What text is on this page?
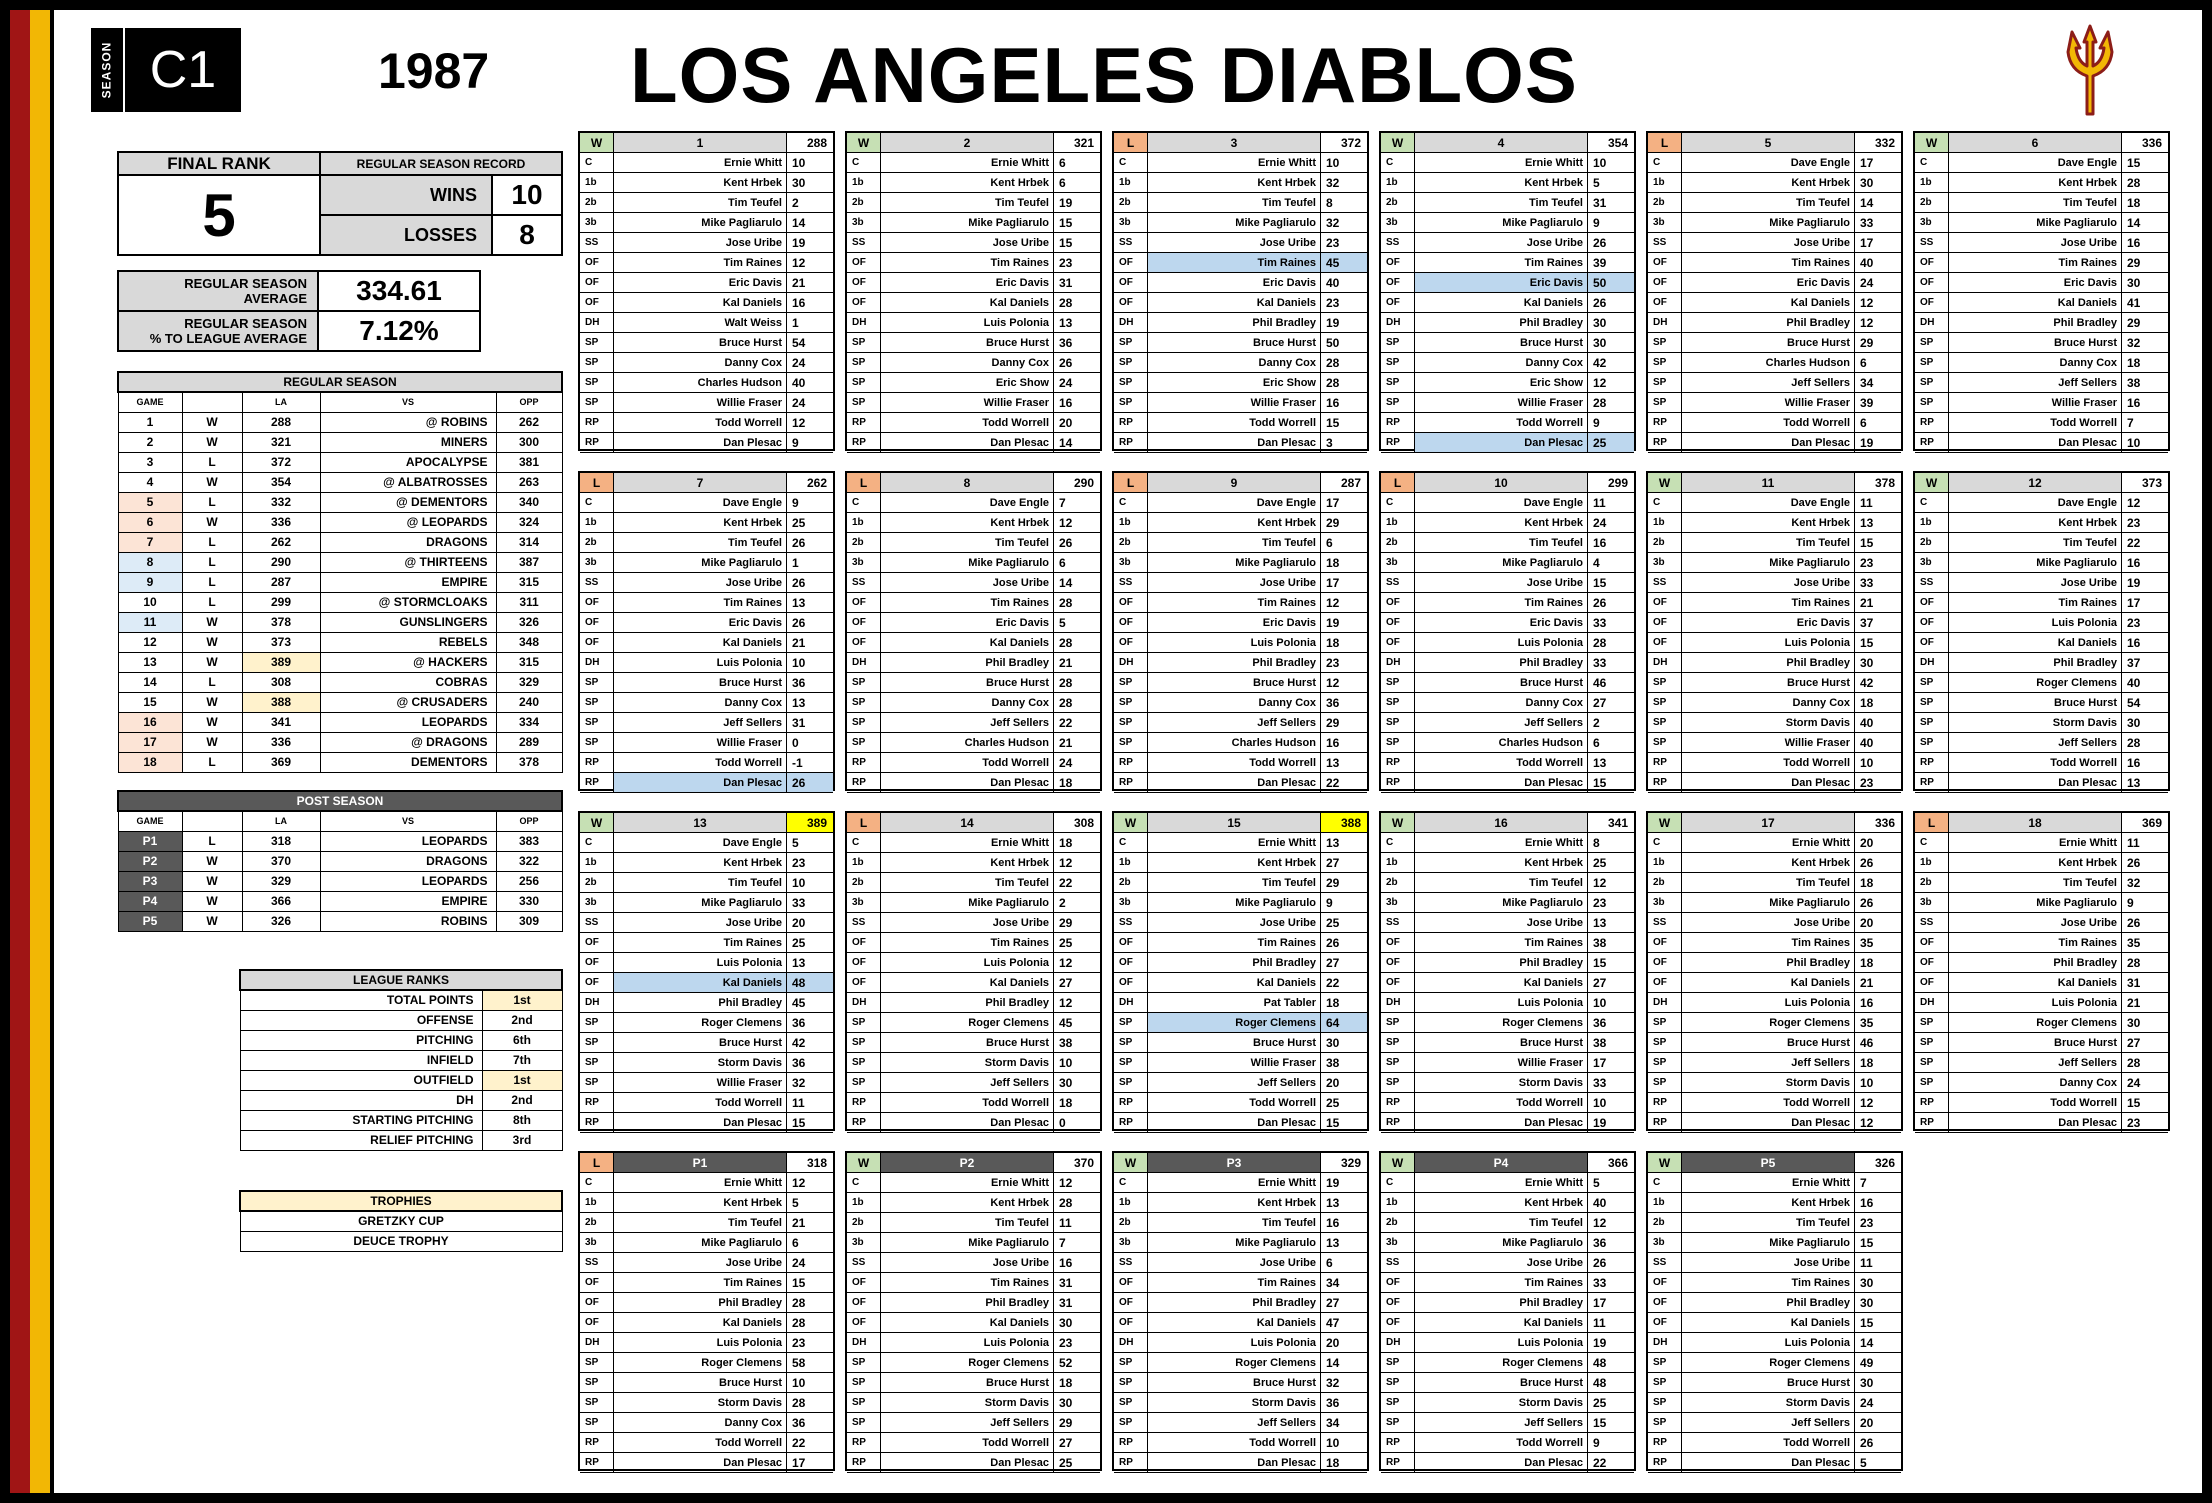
SEASON C1	1987 LOS ANGELES DIABLOS
FINAL RANK	REGULAR SEASON RECORD	
5	WINS	10
	LOSSES	8
REGULAR SEASON
AVERAGE	334.61
REGULAR SEASON
% TO LEAGUE AVERAGE	7.12%
REGULAR SEASON				
GAME		LA	VS	OPP
1	W	288	@ ROBINS	262
2	W	321	MINERS	300
3	L	372	APOCALYPSE	381
4	W	354	@ ALBATROSSES	263
5	L	332	@ DEMENTORS	340
6	W	336	@ LEOPARDS	324
7	L	262	DRAGONS	314
8	L	290	@ THIRTEENS	387
9	L	287	EMPIRE	315
10	L	299	@ STORMCLOAKS	311
11	W	378	GUNSLINGERS	326
12	W	373	REBELS	348
13	W	389	@ HACKERS	315
14	L	308	COBRAS	329
15	W	388	@ CRUSADERS	240
16	W	341	LEOPARDS	334
17	W	336	@ DRAGONS	289
18	L	369	DEMENTORS	378
POST SEASON				
GAME		LA	VS	OPP
P1	L	318	LEOPARDS	383
P2	W	370	DRAGONS	322
P3	W	329	LEOPARDS	256
P4	W	366	EMPIRE	330
P5	W	326	ROBINS	309
LEAGUE RANKS	
TOTAL POINTS	1st
OFFENSE	2nd
PITCHING	6th
INFIELD	7th
OUTFIELD	1st
DH	2nd
STARTING PITCHING	8th
RELIEF PITCHING	3rd
TROPHIES
GRETZKY CUP
DEUCE TROPHY
W	1	288
C	Ernie Whitt 10
1b	Kent Hrbek 30
2b	Tim Teufel 2
3b	Mike Pagliarulo 14
SS	Jose Uribe 19
OF	Tim Raines 12
OF	Eric Davis 21
OF	Kal Daniels 16
DH	Walt Weiss 1
SP	Bruce Hurst 54
SP	Danny Cox 24
SP	Charles Hudson 40
SP	Willie Fraser 24
RP	Todd Worrell 12
RP	Dan Plesac 9
W	2	321
C	Ernie Whitt 6
1b	Kent Hrbek 6
2b	Tim Teufel 19
3b	Mike Pagliarulo 15
SS	Jose Uribe 15
OF	Tim Raines 23
OF	Eric Davis 31
OF	Kal Daniels 28
DH	Luis Polonia 13
SP	Bruce Hurst 36
SP	Danny Cox 26
SP	Eric Show 24
SP	Willie Fraser 16
RP	Todd Worrell 20
RP	Dan Plesac 14
L	3	372
C	Ernie Whitt 10
1b	Kent Hrbek 32
2b	Tim Teufel 8
3b	Mike Pagliarulo 32
SS	Jose Uribe 23
OF	Tim Raines 45
OF	Eric Davis 40
OF	Kal Daniels 23
DH	Phil Bradley 19
SP	Bruce Hurst 50
SP	Danny Cox 28
SP	Eric Show 28
SP	Willie Fraser 16
RP	Todd Worrell 15
RP	Dan Plesac 3
W	4	354
C	Ernie Whitt 10
1b	Kent Hrbek 5
2b	Tim Teufel 31
3b	Mike Pagliarulo 9
SS	Jose Uribe 26
OF	Tim Raines 39
OF	Eric Davis 50
OF	Kal Daniels 26
DH	Phil Bradley 30
SP	Bruce Hurst 30
SP	Danny Cox 42
SP	Eric Show 12
SP	Willie Fraser 28
RP	Todd Worrell 9
RP	Dan Plesac 25
L	5	332
C	Dave Engle 17
1b	Kent Hrbek 30
2b	Tim Teufel 14
3b	Mike Pagliarulo 33
SS	Jose Uribe 17
OF	Tim Raines 40
OF	Eric Davis 24
OF	Kal Daniels 12
DH	Phil Bradley 12
SP	Bruce Hurst 29
SP	Charles Hudson 6
SP	Jeff Sellers 34
SP	Willie Fraser 39
RP	Todd Worrell 6
RP	Dan Plesac 19
W	6	336
C	Dave Engle 15
1b	Kent Hrbek 28
2b	Tim Teufel 18
3b	Mike Pagliarulo 14
SS	Jose Uribe 16
OF	Tim Raines 29
OF	Eric Davis 30
OF	Kal Daniels 41
DH	Phil Bradley 29
SP	Bruce Hurst 32
SP	Danny Cox 18
SP	Jeff Sellers 38
SP	Willie Fraser 16
RP	Todd Worrell 7
RP	Dan Plesac 10
L	7	262
C	Dave Engle 9
1b	Kent Hrbek 25
2b	Tim Teufel 26
3b	Mike Pagliarulo 1
SS	Jose Uribe 26
OF	Tim Raines 13
OF	Eric Davis 26
OF	Kal Daniels 21
DH	Luis Polonia 10
SP	Bruce Hurst 36
SP	Danny Cox 13
SP	Jeff Sellers 31
SP	Willie Fraser 0
RP	Todd Worrell -1
RP	Dan Plesac 26
L	8	290
C	Dave Engle 7
1b	Kent Hrbek 12
2b	Tim Teufel 26
3b	Mike Pagliarulo 6
SS	Jose Uribe 14
OF	Tim Raines 28
OF	Eric Davis 5
OF	Kal Daniels 28
DH	Phil Bradley 21
SP	Bruce Hurst 28
SP	Danny Cox 28
SP	Jeff Sellers 22
SP	Charles Hudson 21
RP	Todd Worrell 24
RP	Dan Plesac 18
L	9	287
C	Dave Engle 17
1b	Kent Hrbek 29
2b	Tim Teufel 6
3b	Mike Pagliarulo 18
SS	Jose Uribe 17
OF	Tim Raines 12
OF	Eric Davis 19
OF	Luis Polonia 18
DH	Phil Bradley 23
SP	Bruce Hurst 12
SP	Danny Cox 36
SP	Jeff Sellers 29
SP	Charles Hudson 16
RP	Todd Worrell 13
RP	Dan Plesac 22
L	10	299
C	Dave Engle 11
1b	Kent Hrbek 24
2b	Tim Teufel 16
3b	Mike Pagliarulo 4
SS	Jose Uribe 15
OF	Tim Raines 26
OF	Eric Davis 33
OF	Luis Polonia 28
DH	Phil Bradley 33
SP	Bruce Hurst 46
SP	Danny Cox 27
SP	Jeff Sellers 2
SP	Charles Hudson 6
RP	Todd Worrell 13
RP	Dan Plesac 15
W	11	378
C	Dave Engle 11
1b	Kent Hrbek 13
2b	Tim Teufel 15
3b	Mike Pagliarulo 23
SS	Jose Uribe 33
OF	Tim Raines 21
OF	Eric Davis 37
OF	Luis Polonia 15
DH	Phil Bradley 30
SP	Bruce Hurst 42
SP	Danny Cox 18
SP	Storm Davis 40
SP	Willie Fraser 40
RP	Todd Worrell 10
RP	Dan Plesac 23
W	12	373
C	Dave Engle 12
1b	Kent Hrbek 23
2b	Tim Teufel 22
3b	Mike Pagliarulo 16
SS	Jose Uribe 19
OF	Tim Raines 17
OF	Luis Polonia 23
OF	Kal Daniels 16
DH	Phil Bradley 37
SP	Roger Clemens 40
SP	Bruce Hurst 54
SP	Storm Davis 30
SP	Jeff Sellers 28
RP	Todd Worrell 16
RP	Dan Plesac 13
W	13	389
C	Dave Engle 5
1b	Kent Hrbek 23
2b	Tim Teufel 10
3b	Mike Pagliarulo 33
SS	Jose Uribe 20
OF	Tim Raines 25
OF	Luis Polonia 13
OF	Kal Daniels 48
DH	Phil Bradley 45
SP	Roger Clemens 36
SP	Bruce Hurst 42
SP	Storm Davis 36
SP	Willie Fraser 32
RP	Todd Worrell 11
RP	Dan Plesac 15
L	14	308
C	Ernie Whitt 18
1b	Kent Hrbek 12
2b	Tim Teufel 22
3b	Mike Pagliarulo 2
SS	Jose Uribe 29
OF	Tim Raines 25
OF	Luis Polonia 12
OF	Kal Daniels 27
DH	Phil Bradley 12
SP	Roger Clemens 45
SP	Bruce Hurst 38
SP	Storm Davis 10
SP	Jeff Sellers 30
RP	Todd Worrell 18
RP	Dan Plesac 0
W	15	388
C	Ernie Whitt 13
1b	Kent Hrbek 27
2b	Tim Teufel 29
3b	Mike Pagliarulo 9
SS	Jose Uribe 25
OF	Tim Raines 26
OF	Phil Bradley 27
OF	Kal Daniels 22
DH	Pat Tabler 18
SP	Roger Clemens 64
SP	Bruce Hurst 30
SP	Willie Fraser 38
SP	Jeff Sellers 20
RP	Todd Worrell 25
RP	Dan Plesac 15
W	16	341
C	Ernie Whitt 8
1b	Kent Hrbek 25
2b	Tim Teufel 12
3b	Mike Pagliarulo 23
SS	Jose Uribe 13
OF	Tim Raines 38
OF	Phil Bradley 15
OF	Kal Daniels 27
DH	Luis Polonia 10
SP	Roger Clemens 36
SP	Bruce Hurst 38
SP	Willie Fraser 17
SP	Storm Davis 33
RP	Todd Worrell 10
RP	Dan Plesac 19
W	17	336
C	Ernie Whitt 20
1b	Kent Hrbek 26
2b	Tim Teufel 18
3b	Mike Pagliarulo 26
SS	Jose Uribe 20
OF	Tim Raines 35
OF	Phil Bradley 18
OF	Kal Daniels 21
DH	Luis Polonia 16
SP	Roger Clemens 35
SP	Bruce Hurst 46
SP	Jeff Sellers 18
SP	Storm Davis 10
RP	Todd Worrell 12
RP	Dan Plesac 12
L	18	369
C	Ernie Whitt 11
1b	Kent Hrbek 26
2b	Tim Teufel 32
3b	Mike Pagliarulo 9
SS	Jose Uribe 26
OF	Tim Raines 35
OF	Phil Bradley 28
OF	Kal Daniels 31
DH	Luis Polonia 21
SP	Roger Clemens 30
SP	Bruce Hurst 27
SP	Jeff Sellers 28
SP	Danny Cox 24
RP	Todd Worrell 15
RP	Dan Plesac 23
L	P1	318
C	Ernie Whitt 12
1b	Kent Hrbek 5
2b	Tim Teufel 21
3b	Mike Pagliarulo 6
SS	Jose Uribe 24
OF	Tim Raines 15
OF	Phil Bradley 28
OF	Kal Daniels 28
DH	Luis Polonia 23
SP	Roger Clemens 58
SP	Bruce Hurst 10
SP	Storm Davis 28
SP	Danny Cox 36
RP	Todd Worrell 22
RP	Dan Plesac 17
W	P2	370
C	Ernie Whitt 12
1b	Kent Hrbek 28
2b	Tim Teufel 11
3b	Mike Pagliarulo 7
SS	Jose Uribe 16
OF	Tim Raines 31
OF	Phil Bradley 31
OF	Kal Daniels 30
DH	Luis Polonia 23
SP	Roger Clemens 52
SP	Bruce Hurst 18
SP	Storm Davis 30
SP	Jeff Sellers 29
RP	Todd Worrell 27
RP	Dan Plesac 25
W	P3	329
C	Ernie Whitt 19
1b	Kent Hrbek 13
2b	Tim Teufel 16
3b	Mike Pagliarulo 13
SS	Jose Uribe 6
OF	Tim Raines 34
OF	Phil Bradley 27
OF	Kal Daniels 47
DH	Luis Polonia 20
SP	Roger Clemens 14
SP	Bruce Hurst 32
SP	Storm Davis 36
SP	Jeff Sellers 34
RP	Todd Worrell 10
RP	Dan Plesac 18
W	P4	366
C	Ernie Whitt 5
1b	Kent Hrbek 40
2b	Tim Teufel 12
3b	Mike Pagliarulo 36
SS	Jose Uribe 26
OF	Tim Raines 33
OF	Phil Bradley 17
OF	Kal Daniels 11
DH	Luis Polonia 19
SP	Roger Clemens 48
SP	Bruce Hurst 48
SP	Storm Davis 25
SP	Jeff Sellers 15
RP	Todd Worrell 9
RP	Dan Plesac 22
W	P5	326
C	Ernie Whitt 7
1b	Kent Hrbek 16
2b	Tim Teufel 23
3b	Mike Pagliarulo 15
SS	Jose Uribe 11
OF	Tim Raines 30
OF	Phil Bradley 30
OF	Kal Daniels 15
DH	Luis Polonia 14
SP	Roger Clemens 49
SP	Bruce Hurst 30
SP	Storm Davis 24
SP	Jeff Sellers 20
RP	Todd Worrell 26
RP	Dan Plesac 5
